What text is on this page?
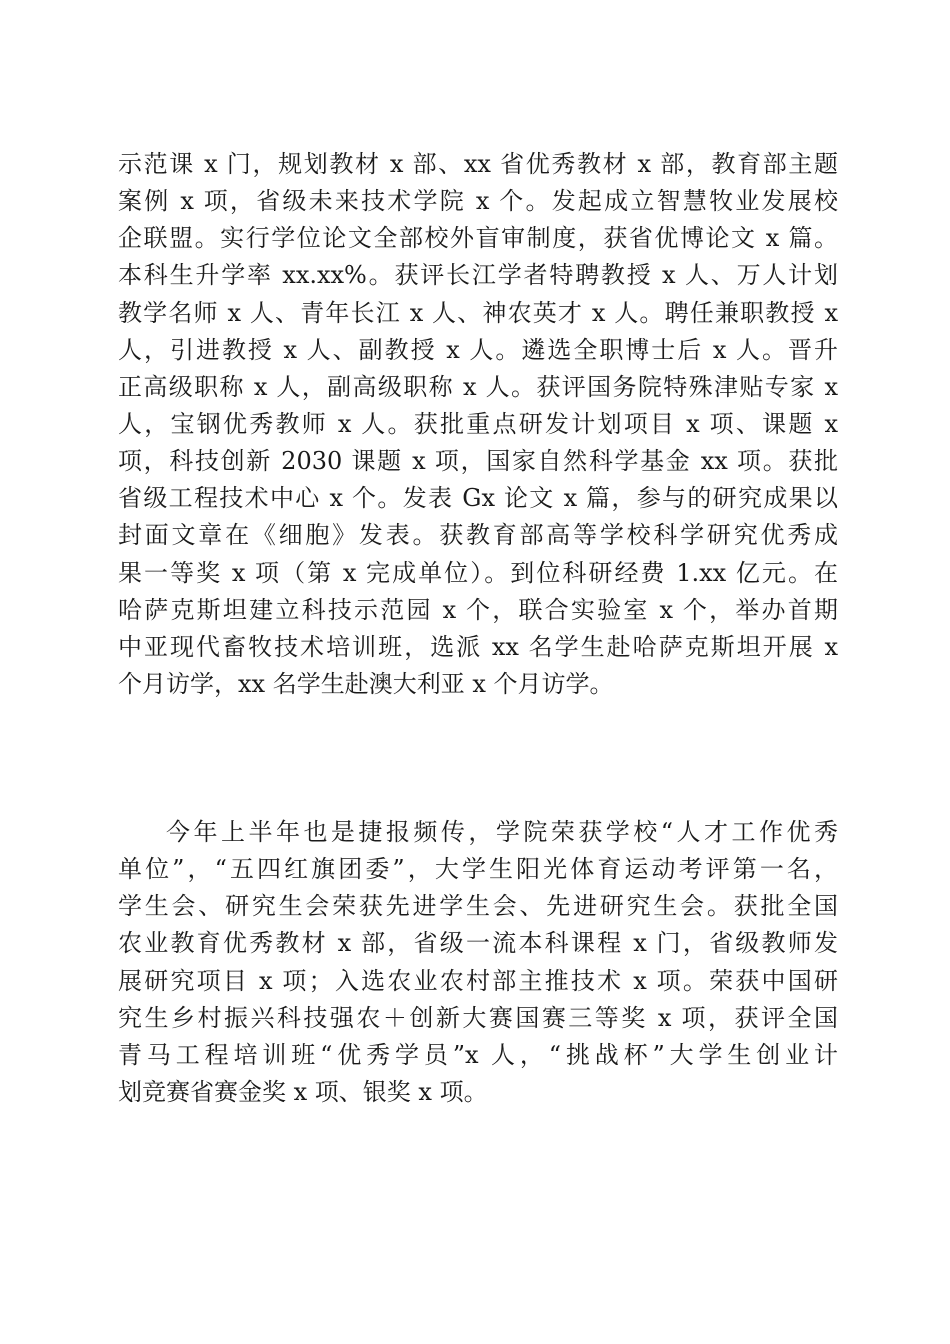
示范课 x 门，规划教材 x 部、xx 省优秀教材 x 部，教育部主题
案例 x 项，省级未来技术学院 x 个。发起成立智慧牧业发展校
企联盟。实行学位论文全部校外盲审制度，获省优博论文 x 篇。
本科生升学率 xx.xx%。获评长江学者特聘教授 x 人、万人计划
教学名师 x 人、青年长江 x 人、神农英才 x 人。聘任兼职教授 x
人，引进教授 x 人、副教授 x 人。遴选全职博士后 x 人。晋升
正高级职称 x 人，副高级职称 x 人。获评国务院特殊津贴专家 x
人，宝钢优秀教师 x 人。获批重点研发计划项目 x 项、课题 x
项，科技创新 2030 课题 x 项，国家自然科学基金 xx 项。获批
省级工程技术中心 x 个。发表 Gx 论文 x 篇，参与的研究成果以
封面文章在《细胞》发表。获教育部高等学校科学研究优秀成
果一等奖 x 项（第 x 完成单位）。到位科研经费 1.xx 亿元。在
哈萨克斯坦建立科技示范园 x 个，联合实验室 x 个，举办首期
中亚现代畜牧技术培训班，选派 xx 名学生赴哈萨克斯坦开展 x
个月访学，xx 名学生赴澳大利亚 x 个月访学。
今年上半年也是捷报频传，学院荣获学校“人才工作优秀
单位”，“五四红旗团委”，大学生阳光体育运动考评第一名，
学生会、研究生会荣获先进学生会、先进研究生会。获批全国
农业教育优秀教材 x 部，省级一流本科课程 x 门，省级教师发
展研究项目 x 项；入选农业农村部主推技术 x 项。荣获中国研
究生乡村振兴科技强农＋创新大赛国赛三等奖 x 项，获评全国
青马工程培训班“优秀学员”x 人，“挑战杯”大学生创业计
划竞赛省赛金奖 x 项、银奖 x 项。
